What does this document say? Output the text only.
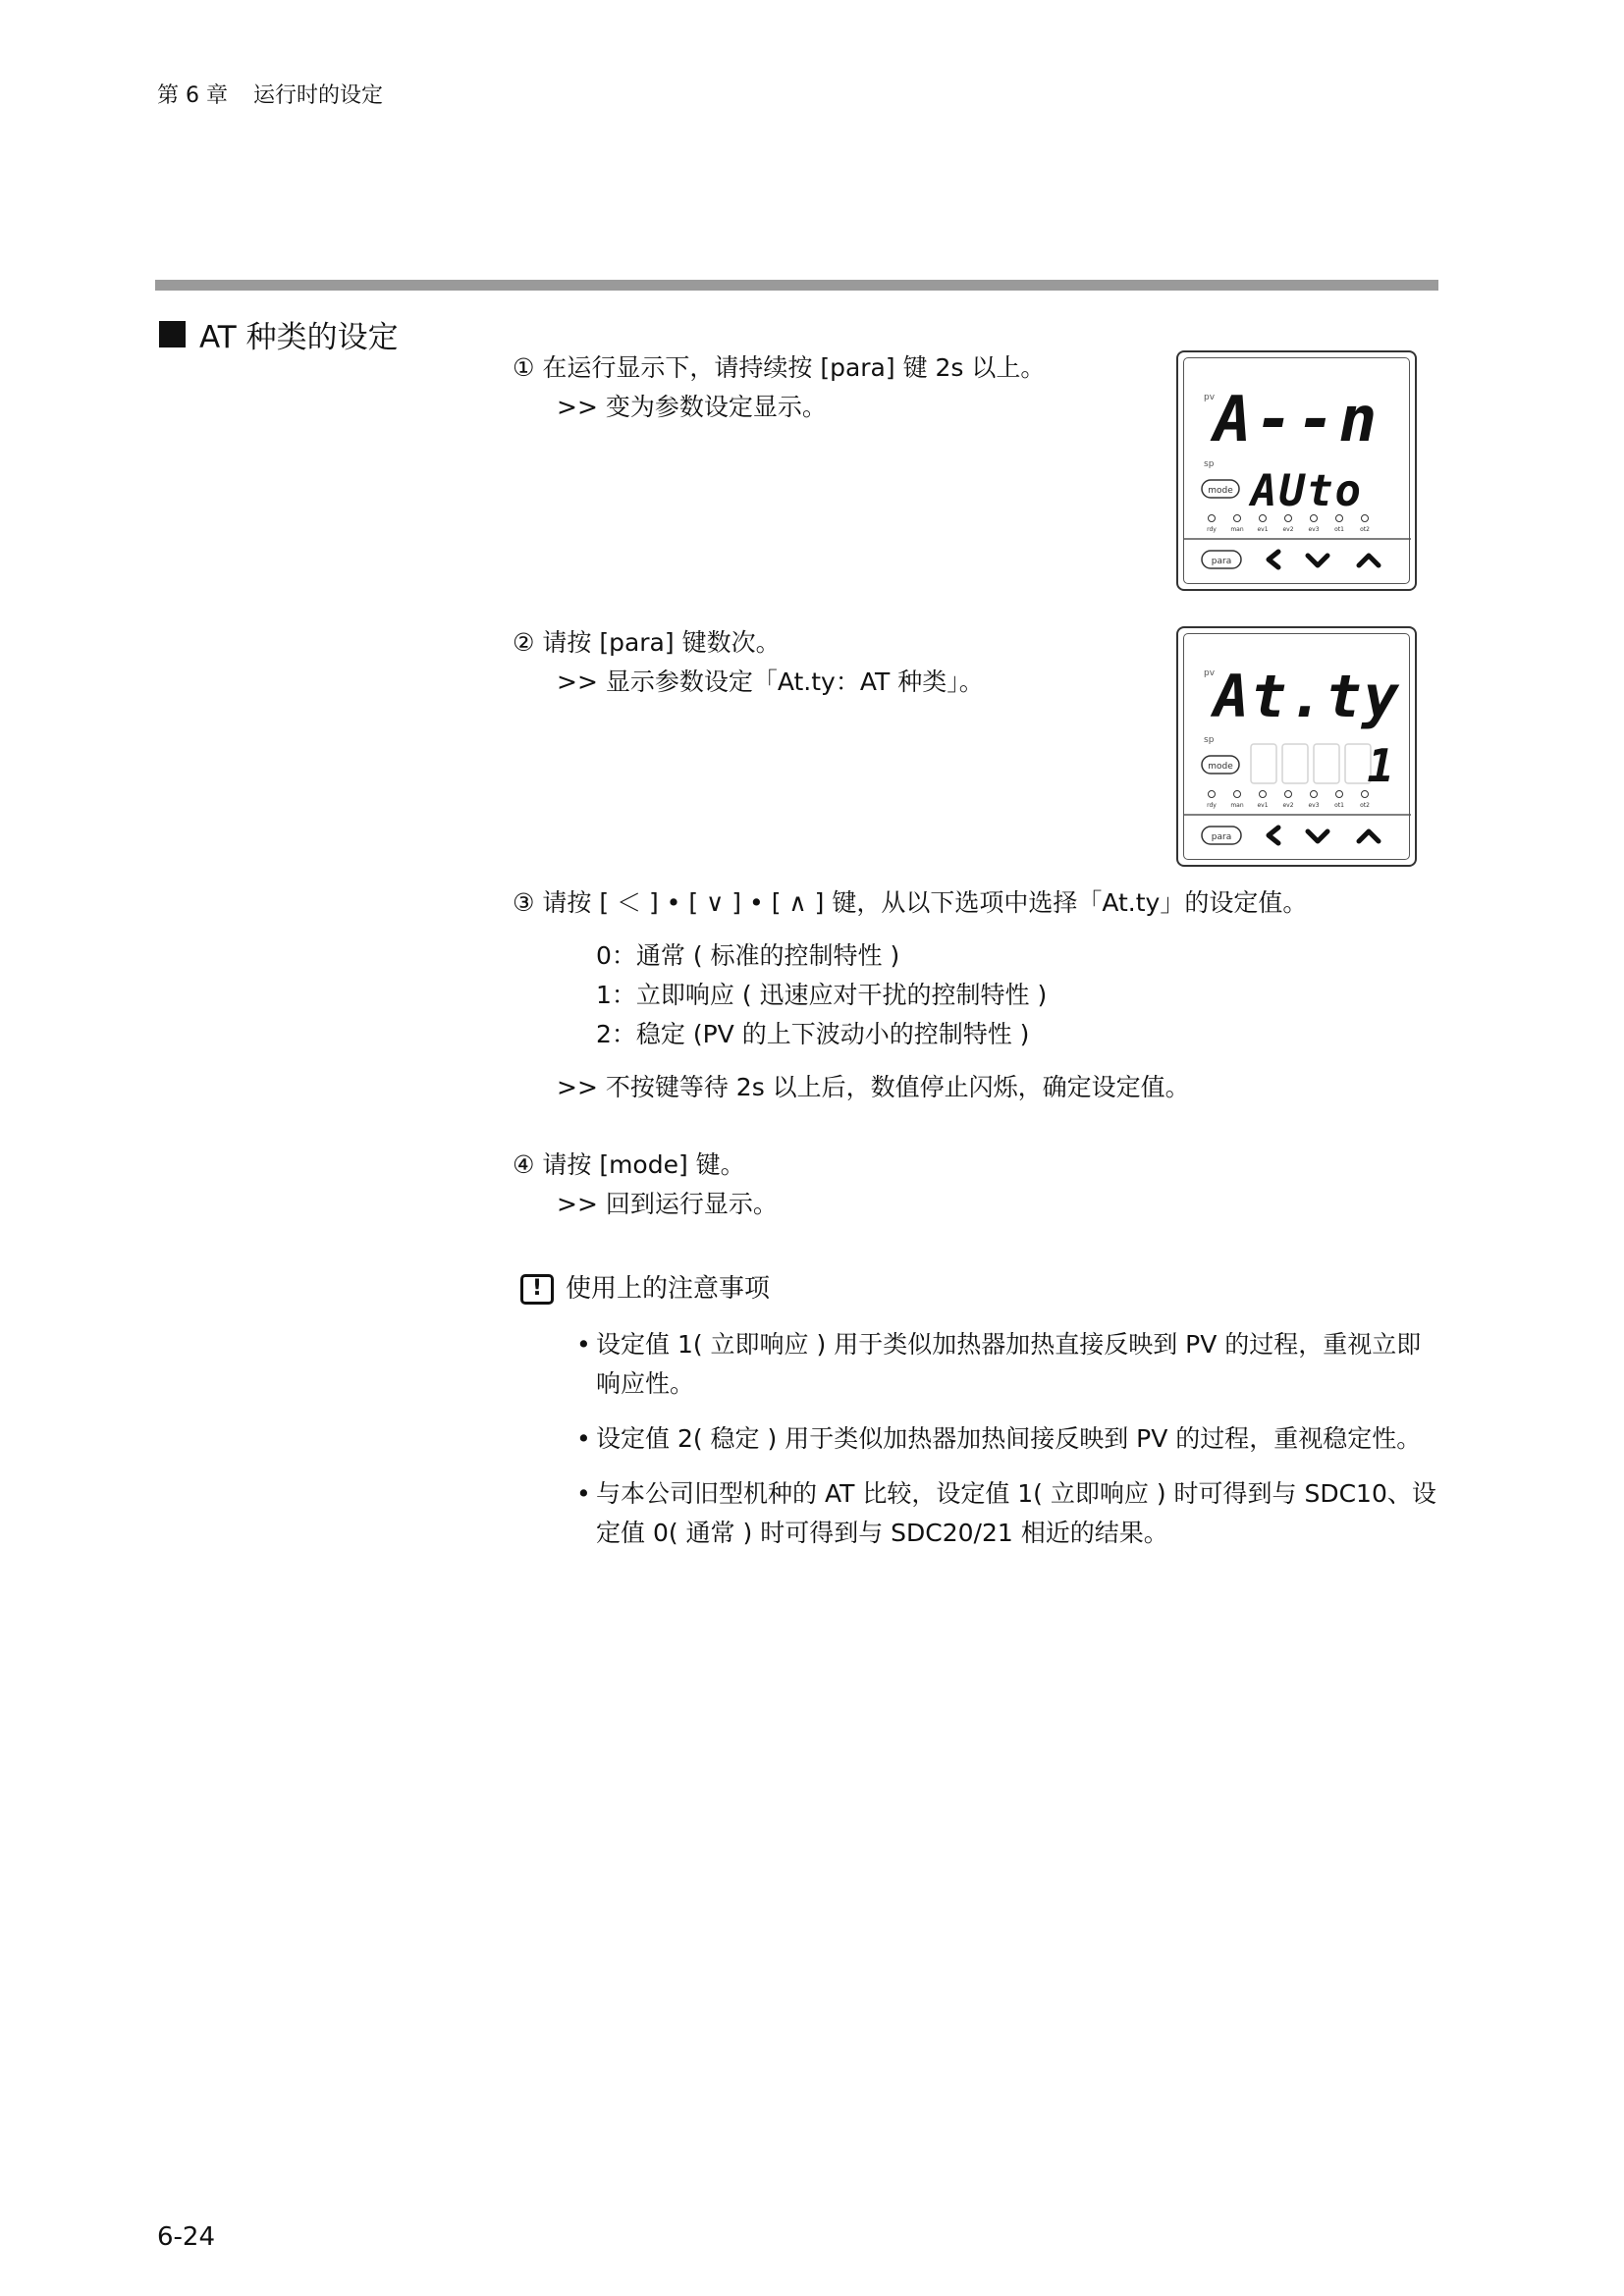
第 6 章 运行时的设定
AT 种类的设定
① 在运行显示下，请持续按 [para] 键 2s 以上。
>> 变为参数设定显示。
② 请按 [para] 键数次。
>> 显示参数设定「At.ty：AT 种类」。
③ 请按 [ ＜ ] • [ ∨ ] • [ ∧ ] 键，从以下选项中选择「At.ty」的设定值。
0：通常 ( 标准的控制特性 )
1：立即响应 ( 迅速应对干扰的控制特性 )
2：稳定 (PV 的上下波动小的控制特性 )
>> 不按键等待 2s 以上后，数值停止闪烁，确定设定值。
④ 请按 [mode] 键。
>> 回到运行显示。
! 使用上的注意事项
• 设定值 1( 立即响应 ) 用于类似加热器加热直接反映到 PV 的过程，重视立即响应性。
• 设定值 2( 稳定 ) 用于类似加热器加热间接反映到 PV 的过程，重视稳定性。
• 与本公司旧型机种的 AT 比较，设定值 1( 立即响应 ) 时可得到与 SDC10、设定值 0( 通常 ) 时可得到与 SDC20/21 相近的结果。
pv
A--n
sp
mode AUto
rdy man ev1 ev2 ev3	ot1	ot2
para
pv
At.ty
sp
mode	1
rdy man ev1 ev2 ev3	ot1	ot2
para
6-24
